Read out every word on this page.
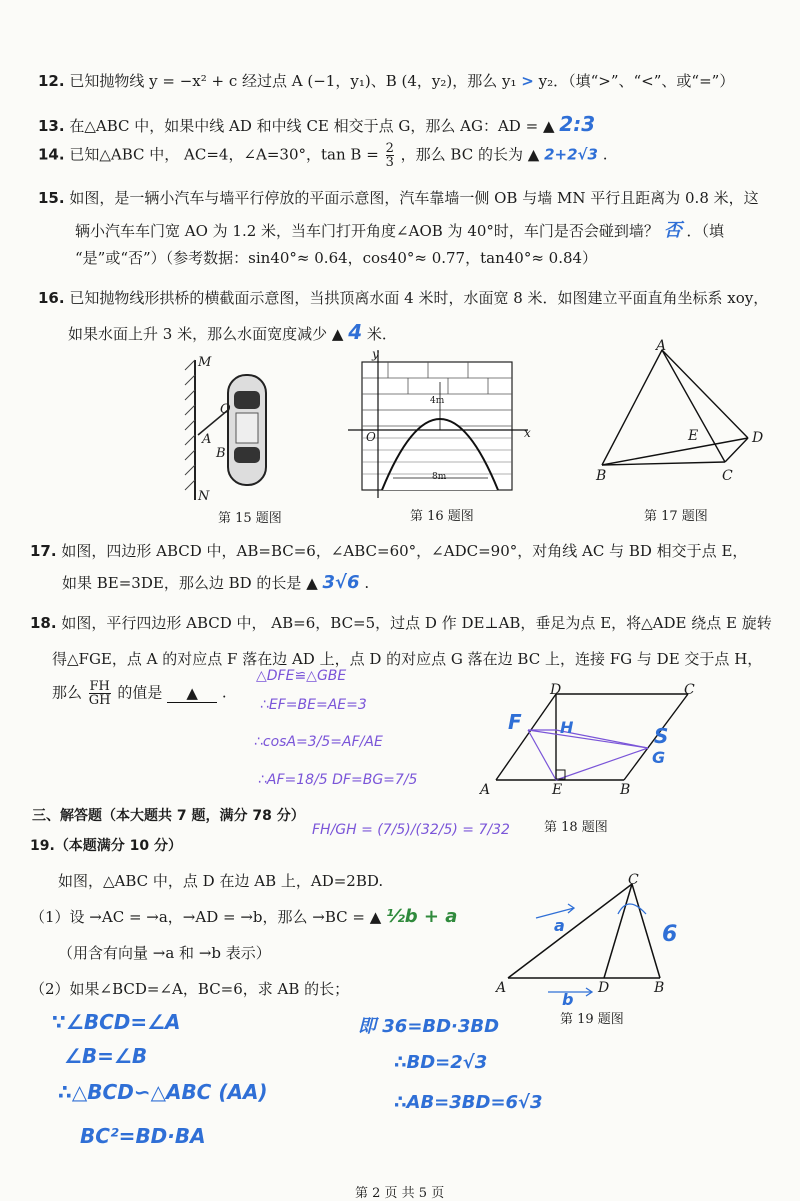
12. 已知抛物线 y = −x² + c 经过点 A (−1，y₁)、B (4，y₂)，那么 y₁ > y₂．（填“>”、“<”、或“=”）
13. 在△ABC 中，如果中线 AD 和中线 CE 相交于点 G，那么 AG：AD = ▲ 2:3
14. 已知△ABC 中， AC=4，∠A=30°，$\tan B = \frac{2}{3}$ ，那么 BC 的长为 ▲ 2+2√3 .
15. 如图，是一辆小汽车与墙平行停放的平面示意图，汽车靠墙一侧 OB 与墙 MN 平行且距离为 0.8 米，这
辆小汽车车门宽 AO 为 1.2 米，当车门打开角度∠AOB 为 40°时，车门是否会碰到墙？ 否 ．（填
“是”或“否”）（参考数据：sin40°≈ 0.64，cos40°≈ 0.77，tan40°≈ 0.84）
16. 已知抛物线形拱桥的横截面示意图，当拱顶离水面 4 米时，水面宽 8 米．如图建立平面直角坐标系 xoy，
如果水面上升 3 米，那么水面宽度减少 ▲ 4 米．
M
O
A
B
N
第 15 题图
y
x
O
4m
8m
第 16 题图
A
E	D
B	C
第 17 题图
17. 如图，四边形 ABCD 中，AB=BC=6，∠ABC=60°，∠ADC=90°，对角线 AC 与 BD 相交于点 E，
如果 BE=3DE，那么边 BD 的长是 ▲ 3√6 .
18. 如图，平行四边形 ABCD 中， AB=6，BC=5，过点 D 作 DE⊥AB，垂足为点 E，将△ADE 绕点 E 旋转
得△FGE，点 A 的对应点 F 落在边 AD 上，点 D 的对应点 G 落在边 BC 上，连接 FG 与 DE 交于点 H，
那么 $\frac{FH}{GH}$ 的值是 ▲ .
△DFE≌△GBE
∴EF=BE=AE=3
∴cosA=3/5=AF/AE
∴AF=18/5 DF=BG=7/5
FH/GH = (7/5)/(32/5) = 7/32
D	C
A	E	B
F H
G
S
第 18 题图
三、解答题（本大题共 7 题，满分 78 分）
19.（本题满分 10 分）
如图，△ABC 中，点 D 在边 AB 上，AD=2BD.
（1）设 →AC = →a，→AD = →b，那么 →BC = ▲ ½b + a
（用含有向量 →a 和 →b 表示）
（2）如果∠BCD=∠A，BC=6，求 AB 的长；
C
A	D	B
a
b
6
第 19 题图
∵∠BCD=∠A
∠B=∠B
∴△BCD∽△ABC (AA)
BC²=BD·BA
即 36=BD·3BD
∴BD=2√3
∴AB=3BD=6√3
第 2 页 共 5 页
